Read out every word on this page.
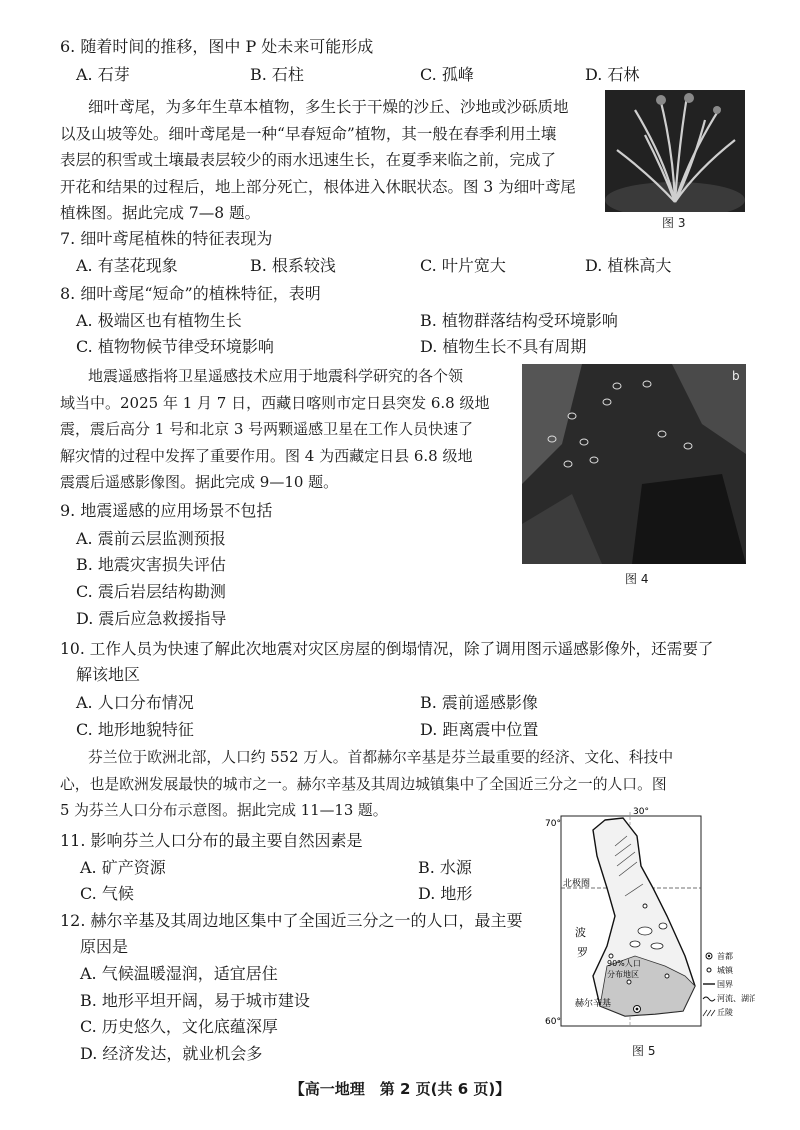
6. 随着时间的推移，图中 P 处未来可能形成
A. 石芽	B. 石柱	C. 孤峰	D. 石林
细叶鸢尾，为多年生草本植物，多生长于干燥的沙丘、沙地或沙砾质地
以及山坡等处。细叶鸢尾是一种“早春短命”植物，其一般在春季利用土壤
表层的积雪或土壤最表层较少的雨水迅速生长，在夏季来临之前，完成了
开花和结果的过程后，地上部分死亡，根体进入休眠状态。图 3 为细叶鸢尾
植株图。据此完成 7—8 题。
图 3
7. 细叶鸢尾植株的特征表现为
A. 有茎花现象	B. 根系较浅	C. 叶片宽大	D. 植株高大
8. 细叶鸢尾“短命”的植株特征，表明
A. 极端区也有植物生长	B. 植物群落结构受环境影响
C. 植物物候节律受环境影响	D. 植物生长不具有周期
地震遥感指将卫星遥感技术应用于地震科学研究的各个领
域当中。2025 年 1 月 7 日，西藏日喀则市定日县突发 6.8 级地
震，震后高分 1 号和北京 3 号两颗遥感卫星在工作人员快速了
解灾情的过程中发挥了重要作用。图 4 为西藏定日县 6.8 级地
震震后遥感影像图。据此完成 9—10 题。
b
图 4
9. 地震遥感的应用场景不包括
A. 震前云层监测预报
B. 地震灾害损失评估
C. 震后岩层结构勘测
D. 震后应急救援指导
10. 工作人员为快速了解此次地震对灾区房屋的倒塌情况，除了调用图示遥感影像外，还需要了
解该地区
A. 人口分布情况	B. 震前遥感影像
C. 地形地貌特征	D. 距离震中位置
芬兰位于欧洲北部，人口约 552 万人。首都赫尔辛基是芬兰最重要的经济、文化、科技中
心，也是欧洲发展最快的城市之一。赫尔辛基及其周边城镇集中了全国近三分之一的人口。图
5 为芬兰人口分布示意图。据此完成 11—13 题。
11. 影响芬兰人口分布的最主要自然因素是
A. 矿产资源	B. 水源
C. 气候	D. 地形
12. 赫尔辛基及其周边地区集中了全国近三分之一的人口，最主要
原因是
A. 气候温暖湿润，适宜居住
B. 地形平坦开阔，易于城市建设
C. 历史悠久，文化底蕴深厚
D. 经济发达，就业机会多
30°
70°
60°
北极圈
波
罗
90%人口
分布地区
赫尔辛基
首都
城镇
国界
河流、湖泊
丘陵
图 5
【高一地理　第 2 页(共 6 页)】
